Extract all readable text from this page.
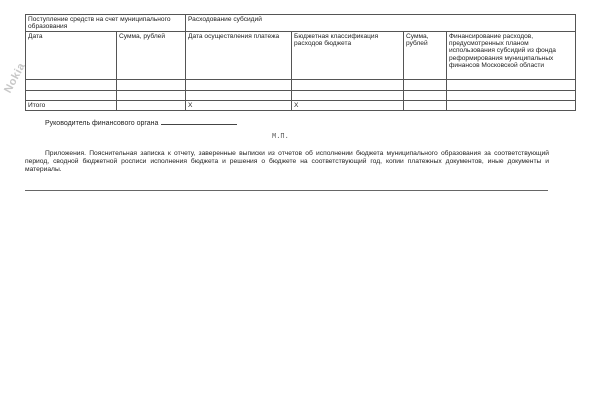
Nokia
Поступление средств на счет муниципального образования		Расходование субсидий			
Дата	Сумма, рублей	Дата осуществления платежа	Бюджетная классификация расходов бюджета	Сумма, рублей	Финансирование расходов, предусмотренных планом использования субсидий из фонда реформирования муниципальных финансов Московской области

Итого		X	X		
Руководитель финансового органа
М.П.
Приложения. Пояснительная записка к отчету, заверенные выписки из отчетов об исполнении бюджета муниципального образования за соответствующий период, сводной бюджетной росписи исполнения бюджета и решения о бюджете на соответствующий год, копии платежных документов, иные документы и материалы.
